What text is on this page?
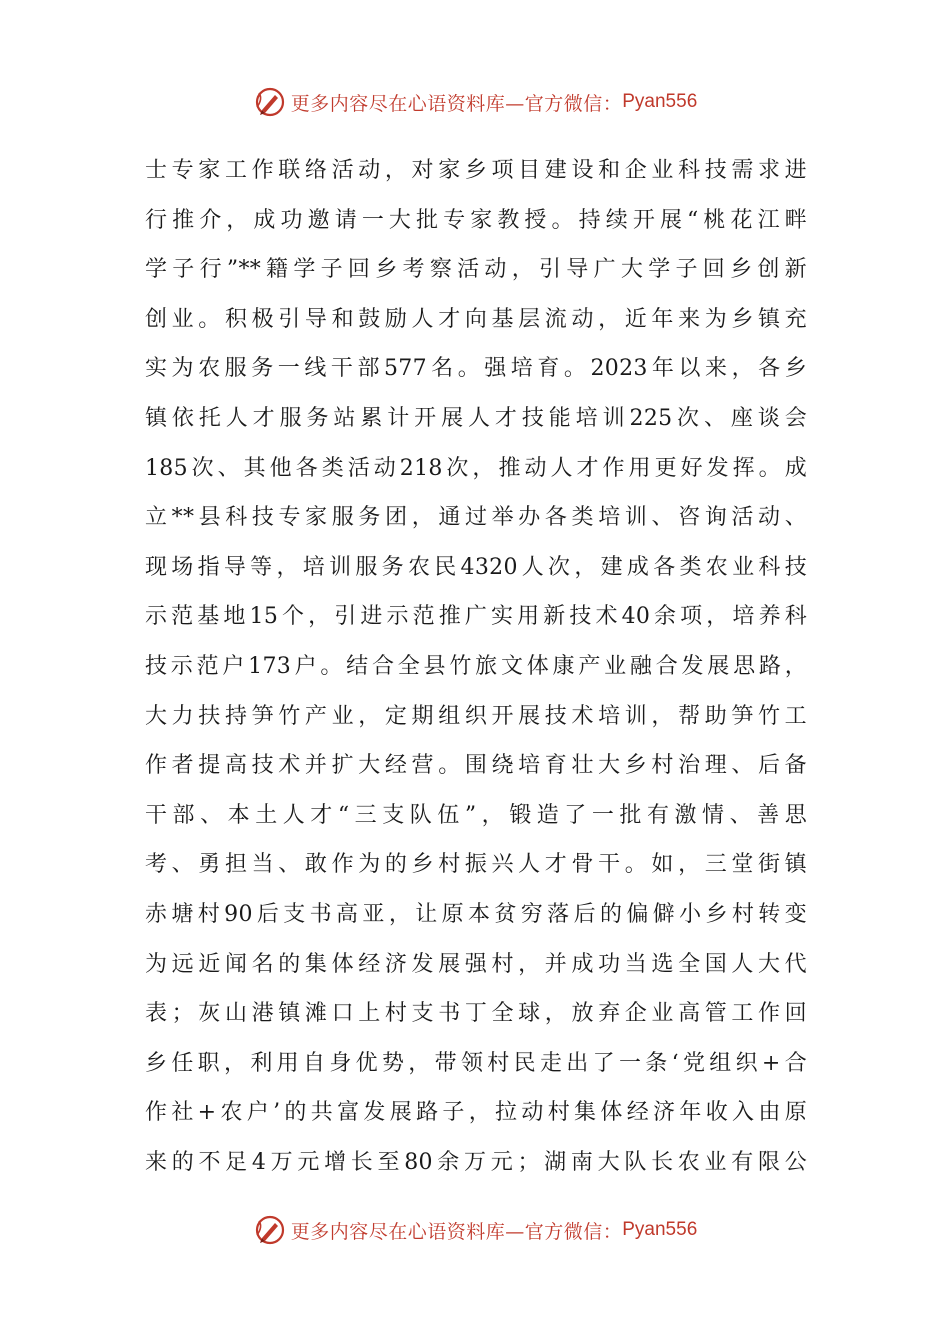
更多内容尽在心语资料库—官方微信： Pyan556
士专家工作联络活动，对家乡项目建设和企业科技需求进
行推介，成功邀请一大批专家教授。持续开展“桃花江畔
学子行”**籍学子回乡考察活动，引导广大学子回乡创新
创业。积极引导和鼓励人才向基层流动，近年来为乡镇充
实为农服务一线干部577名。强培育。2023年以来，各乡
镇依托人才服务站累计开展人才技能培训225次、座谈会
185次、其他各类活动218次，推动人才作用更好发挥。成
立**县科技专家服务团，通过举办各类培训、咨询活动、
现场指导等，培训服务农民4320人次，建成各类农业科技
示范基地15个，引进示范推广实用新技术40余项，培养科
技示范户173户。结合全县竹旅文体康产业融合发展思路，
大力扶持笋竹产业，定期组织开展技术培训，帮助笋竹工
作者提高技术并扩大经营。围绕培育壮大乡村治理、后备
干部、本土人才“三支队伍”，锻造了一批有激情、善思
考、勇担当、敢作为的乡村振兴人才骨干。如，三堂街镇
赤塘村90后支书高亚，让原本贫穷落后的偏僻小乡村转变
为远近闻名的集体经济发展强村，并成功当选全国人大代
表；灰山港镇滩口上村支书丁全球，放弃企业高管工作回
乡任职，利用自身优势，带领村民走出了一条‘党组织+合
作社+农户’的共富发展路子，拉动村集体经济年收入由原
来的不足4万元增长至80余万元；湖南大队长农业有限公
更多内容尽在心语资料库—官方微信： Pyan556
